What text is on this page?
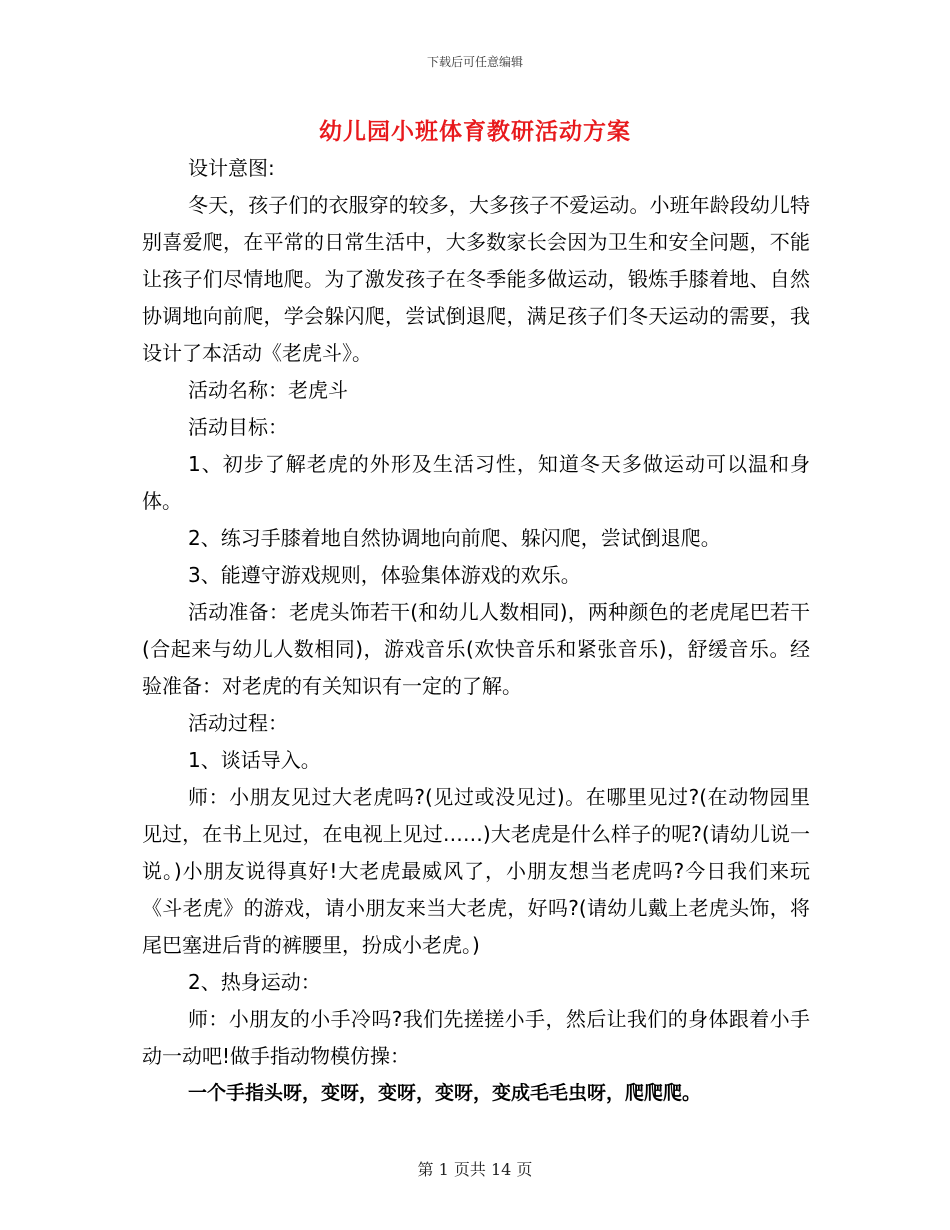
下载后可任意编辑
幼儿园小班体育教研活动方案

设计意图:

冬天，孩子们的衣服穿的较多，大多孩子不爱运动。小班年龄段幼儿特别喜爱爬，在平常的日常生活中，大多数家长会因为卫生和安全问题，不能让孩子们尽情地爬。为了激发孩子在冬季能多做运动，锻炼手膝着地、自然协调地向前爬，学会躲闪爬，尝试倒退爬，满足孩子们冬天运动的需要，我设计了本活动《老虎斗》。

活动名称：老虎斗

活动目标：

1、初步了解老虎的外形及生活习性，知道冬天多做运动可以温和身体。

2、练习手膝着地自然协调地向前爬、躲闪爬，尝试倒退爬。

3、能遵守游戏规则，体验集体游戏的欢乐。

活动准备：老虎头饰若干(和幼儿人数相同)，两种颜色的老虎尾巴若干(合起来与幼儿人数相同)，游戏音乐(欢快音乐和紧张音乐)，舒缓音乐。经验准备：对老虎的有关知识有一定的了解。

活动过程：

1、谈话导入。

师：小朋友见过大老虎吗?(见过或没见过)。在哪里见过?(在动物园里见过，在书上见过，在电视上见过……)大老虎是什么样子的呢?(请幼儿说一说。)小朋友说得真好!大老虎最威风了，小朋友想当老虎吗?今日我们来玩《斗老虎》的游戏，请小朋友来当大老虎，好吗?(请幼儿戴上老虎头饰，将尾巴塞进后背的裤腰里，扮成小老虎。)

2、热身运动：

师：小朋友的小手冷吗?我们先搓搓小手，然后让我们的身体跟着小手动一动吧!做手指动物模仿操：

一个手指头呀，变呀，变呀，变呀，变成毛毛虫呀，爬爬爬。

第 1 页共 14 页
